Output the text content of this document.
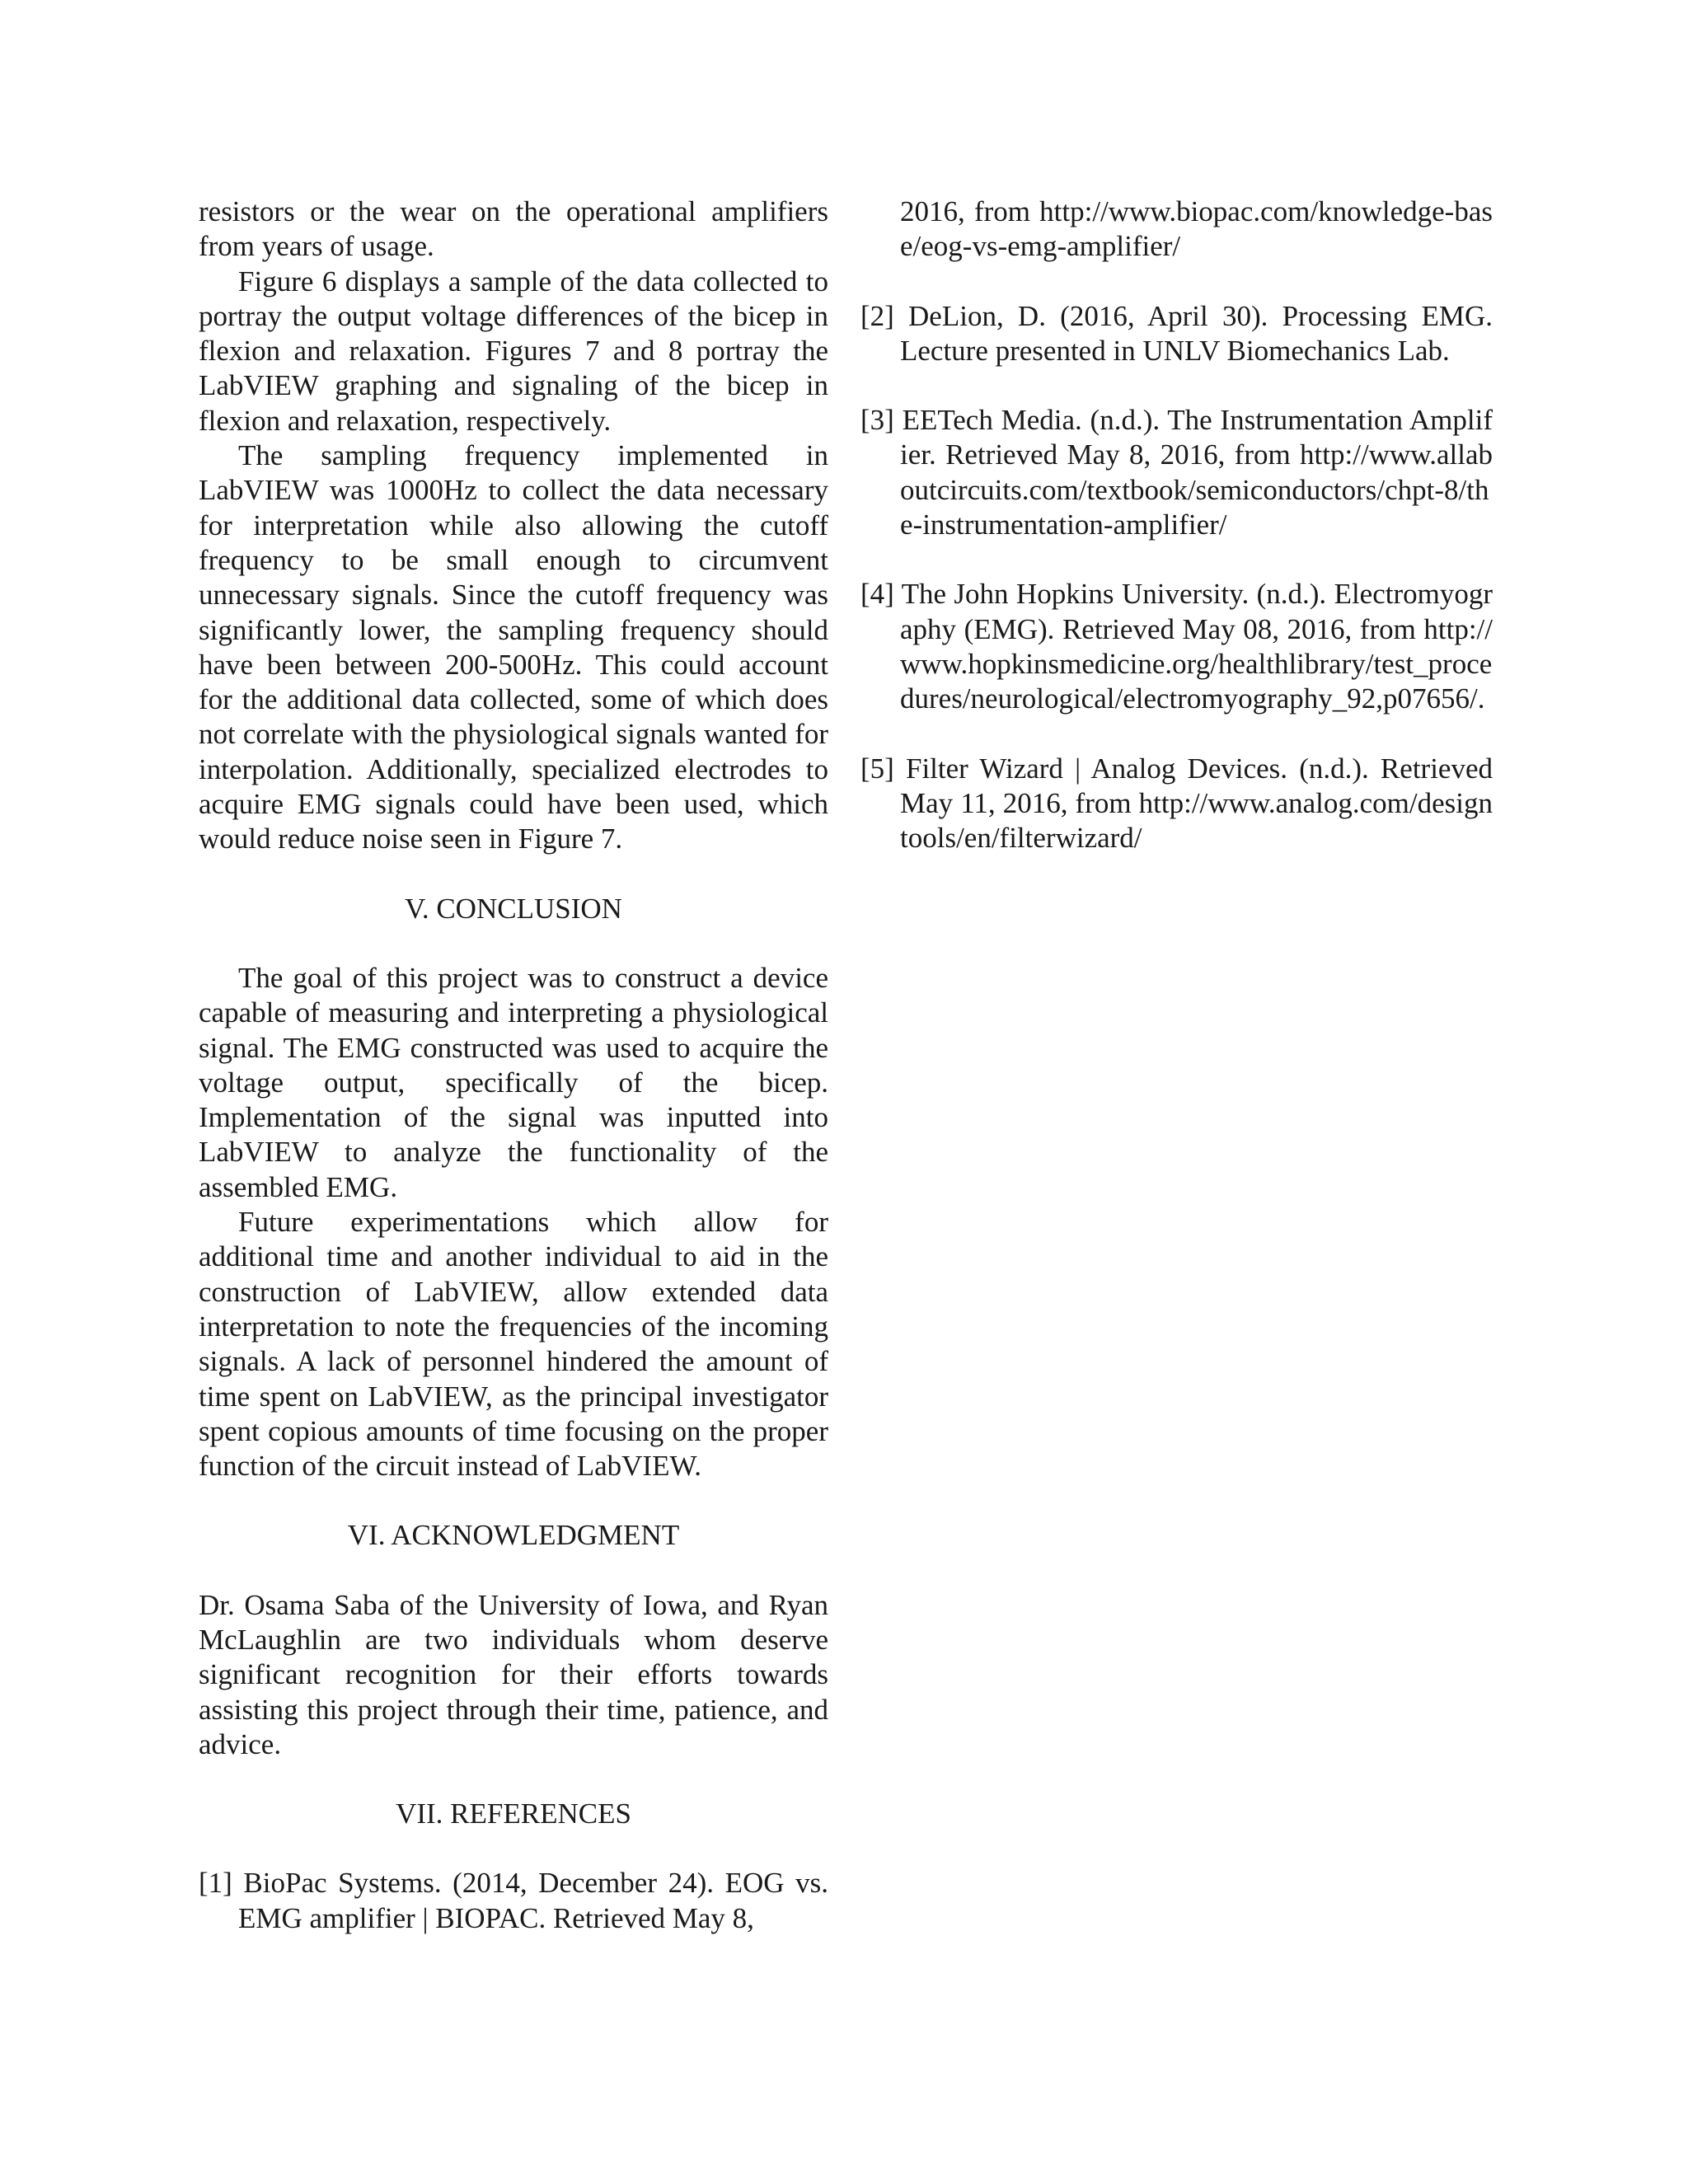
resistors or the wear on the operational amplifiers from years of usage.

Figure 6 displays a sample of the data collected to portray the output voltage differences of the bicep in flexion and relaxation. Figures 7 and 8 portray the LabVIEW graphing and signaling of the bicep in flexion and relaxation, respectively.

The sampling frequency implemented in LabVIEW was 1000Hz to collect the data necessary for interpretation while also allowing the cutoff frequency to be small enough to circumvent unnecessary signals. Since the cutoff frequency was significantly lower, the sampling frequency should have been between 200-500Hz. This could account for the additional data collected, some of which does not correlate with the physiological signals wanted for interpolation. Additionally, specialized electrodes to acquire EMG signals could have been used, which would reduce noise seen in Figure 7.

V. CONCLUSION

The goal of this project was to construct a device capable of measuring and interpreting a physiological signal. The EMG constructed was used to acquire the voltage output, specifically of the bicep. Implementation of the signal was inputted into LabVIEW to analyze the functionality of the assembled EMG.

Future experimentations which allow for additional time and another individual to aid in the construction of LabVIEW, allow extended data interpretation to note the frequencies of the incoming signals. A lack of personnel hindered the amount of time spent on LabVIEW, as the principal investigator spent copious amounts of time focusing on the proper function of the circuit instead of LabVIEW.

VI. ACKNOWLEDGMENT

Dr. Osama Saba of the University of Iowa, and Ryan McLaughlin are two individuals whom deserve significant recognition for their efforts towards assisting this project through their time, patience, and advice.

VII. REFERENCES

[1] BioPac Systems. (2014, December 24). EOG vs. EMG amplifier | BIOPAC. Retrieved May 8,

2016, from http://www.biopac.com/knowledge-base/eog-vs-emg-amplifier/

[2] DeLion, D. (2016, April 30). Processing EMG. Lecture presented in UNLV Biomechanics Lab.

[3] EETech Media. (n.d.). The Instrumentation Amplifier. Retrieved May 8, 2016, from http://www.allaboutcircuits.com/textbook/semiconductors/chpt-8/the-instrumentation-amplifier/

[4] The John Hopkins University. (n.d.). Electromyography (EMG). Retrieved May 08, 2016, from http://www.hopkinsmedicine.org/healthlibrary/test_procedures/neurological/electromyography_92,p07656/.

[5] Filter Wizard | Analog Devices. (n.d.). Retrieved May 11, 2016, from http://www.analog.com/designtools/en/filterwizard/
